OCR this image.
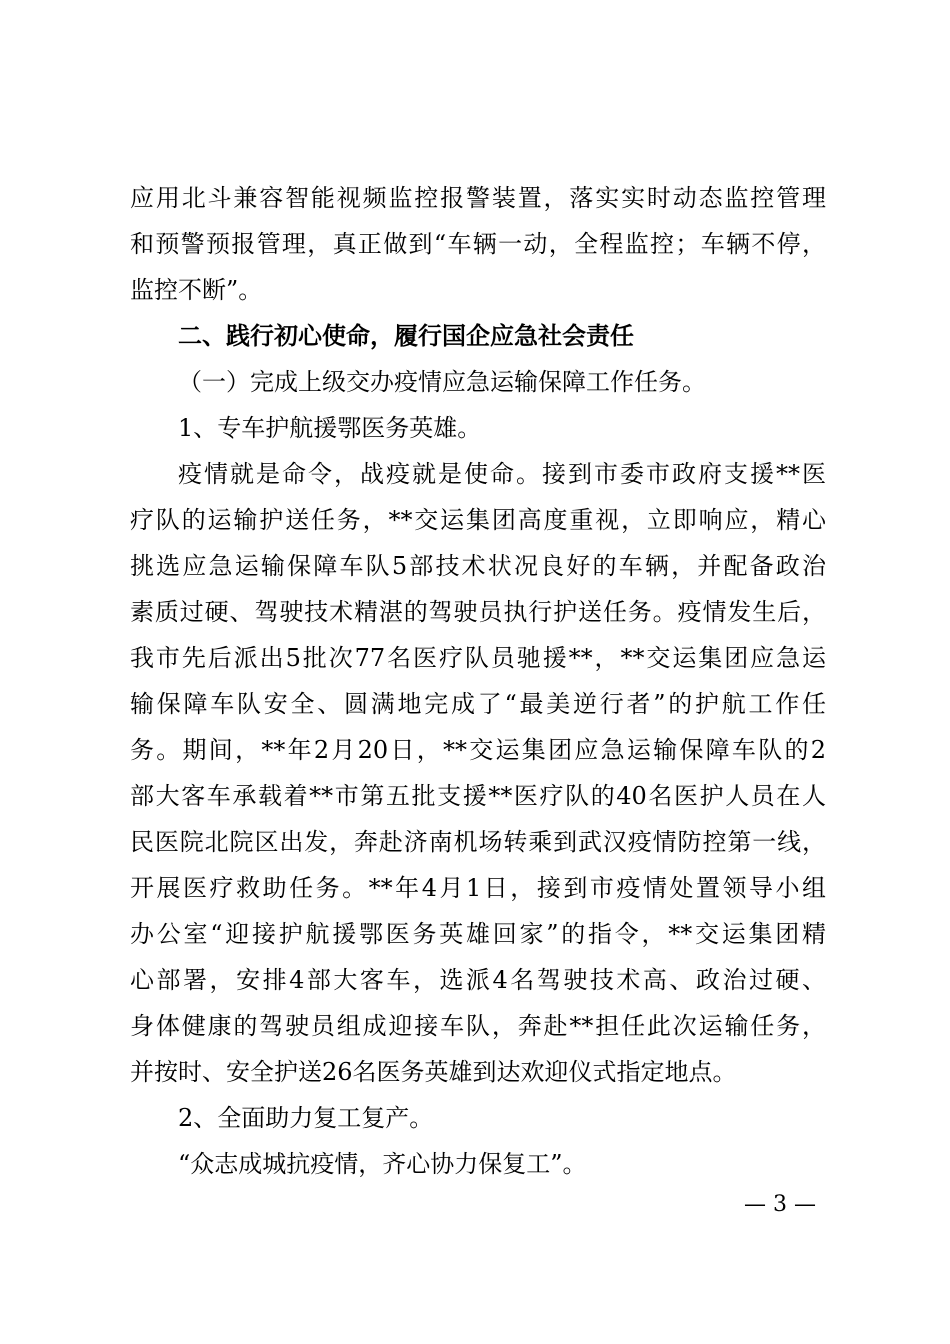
应用北斗兼容智能视频监控报警装置，落实实时动态监控管理
和预警预报管理，真正做到“车辆一动，全程监控；车辆不停，
监控不断”。
二、践行初心使命，履行国企应急社会责任
（一）完成上级交办疫情应急运输保障工作任务。
1、专车护航援鄂医务英雄。
疫情就是命令，战疫就是使命。接到市委市政府支援**医
疗队的运输护送任务，**交运集团高度重视，立即响应，精心
挑选应急运输保障车队5部技术状况良好的车辆，并配备政治
素质过硬、驾驶技术精湛的驾驶员执行护送任务。疫情发生后，
我市先后派出5批次77名医疗队员驰援**，**交运集团应急运
输保障车队安全、圆满地完成了“最美逆行者”的护航工作任
务。期间，**年2月20日，**交运集团应急运输保障车队的2
部大客车承载着**市第五批支援**医疗队的40名医护人员在人
民医院北院区出发，奔赴济南机场转乘到武汉疫情防控第一线，
开展医疗救助任务。**年4月1日，接到市疫情处置领导小组
办公室“迎接护航援鄂医务英雄回家”的指令，**交运集团精
心部署，安排4部大客车，选派4名驾驶技术高、政治过硬、
身体健康的驾驶员组成迎接车队，奔赴**担任此次运输任务，
并按时、安全护送26名医务英雄到达欢迎仪式指定地点。
2、全面助力复工复产。
“众志成城抗疫情，齐心协力保复工”。
— 3 —
